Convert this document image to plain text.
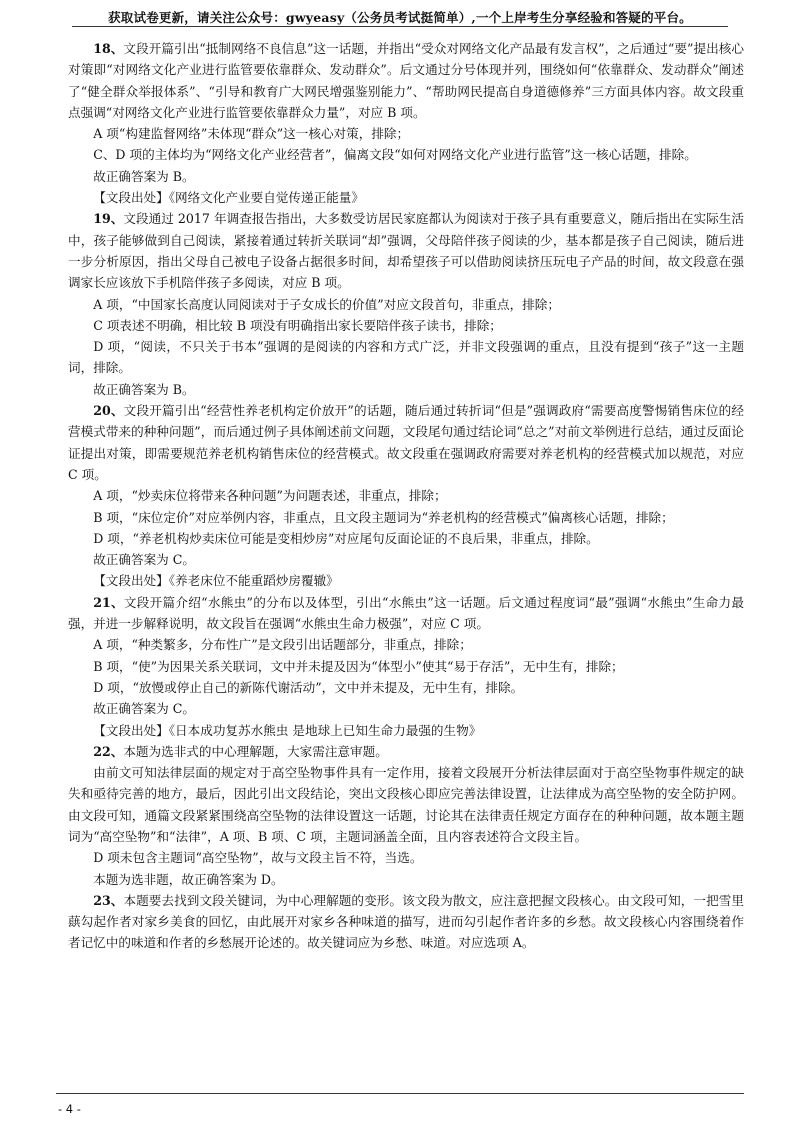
获取试卷更新，请关注公众号：gwyeasy（公务员考试挺简单）,一个上岸考生分享经验和答疑的平台。

18、文段开篇引出“抵制网络不良信息”这一话题，并指出“受众对网络文化产品最有发言权”，之后通过“要”提出核心对策即“对网络文化产业进行监管要依靠群众、发动群众”。后文通过分号体现并列，围绕如何“依靠群众、发动群众”阐述了“健全群众举报体系”、“引导和教育广大网民增强鉴别能力”、“帮助网民提高自身道德修养”三方面具体内容。故文段重点强调“对网络文化产业进行监管要依靠群众力量”，对应 B 项。

A 项“构建监督网络”未体现“群众”这一核心对策，排除；

C、D 项的主体均为“网络文化产业经营者”，偏离文段“如何对网络文化产业进行监管”这一核心话题，排除。

故正确答案为 B。

【文段出处】《网络文化产业要自觉传递正能量》

19、文段通过 2017 年调查报告指出，大多数受访居民家庭都认为阅读对于孩子具有重要意义，随后指出在实际生活中，孩子能够做到自己阅读，紧接着通过转折关联词“却”强调，父母陪伴孩子阅读的少，基本都是孩子自己阅读，随后进一步分析原因，指出父母自己被电子设备占据很多时间，却希望孩子可以借助阅读挤压玩电子产品的时间，故文段意在强调家长应该放下手机陪伴孩子多阅读，对应 B 项。

A 项，“中国家长高度认同阅读对于子女成长的价值”对应文段首句，非重点，排除；

C 项表述不明确，相比较 B 项没有明确指出家长要陪伴孩子读书，排除；

D 项，“阅读，不只关于书本”强调的是阅读的内容和方式广泛，并非文段强调的重点，且没有提到“孩子”这一主题词，排除。

故正确答案为 B。

20、文段开篇引出“经营性养老机构定价放开”的话题，随后通过转折词“但是”强调政府“需要高度警惕销售床位的经营模式带来的种种问题”，而后通过例子具体阐述前文问题，文段尾句通过结论词“总之”对前文举例进行总结，通过反面论证提出对策，即需要规范养老机构销售床位的经营模式。故文段重在强调政府需要对养老机构的经营模式加以规范，对应 C 项。

A 项，“炒卖床位将带来各种问题”为问题表述，非重点，排除；

B 项，“床位定价”对应举例内容，非重点，且文段主题词为“养老机构的经营模式”偏离核心话题，排除；

D 项，“养老机构炒卖床位可能是变相炒房”对应尾句反面论证的不良后果，非重点，排除。

故正确答案为 C。

【文段出处】《养老床位不能重蹈炒房覆辙》

21、文段开篇介绍“水熊虫”的分布以及体型，引出“水熊虫”这一话题。后文通过程度词“最”强调“水熊虫”生命力最强，并进一步解释说明，故文段旨在强调“水熊虫生命力极强”，对应 C 项。

A 项，“种类繁多，分布性广”是文段引出话题部分，非重点，排除；

B 项，“使”为因果关系关联词，文中并未提及因为“体型小”使其“易于存活”，无中生有，排除；

D 项，“放慢或停止自己的新陈代谢活动”，文中并未提及，无中生有，排除。

故正确答案为 C。

【文段出处】《日本成功复苏水熊虫 是地球上已知生命力最强的生物》

22、本题为选非式的中心理解题，大家需注意审题。

由前文可知法律层面的规定对于高空坠物事件具有一定作用，接着文段展开分析法律层面对于高空坠物事件规定的缺失和亟待完善的地方，最后，因此引出文段结论，突出文段核心即应完善法律设置，让法律成为高空坠物的安全防护网。由文段可知，通篇文段紧紧围绕高空坠物的法律设置这一话题，讨论其在法律责任规定方面存在的种种问题，故本题主题词为“高空坠物”和“法律”，A 项、B 项、C 项，主题词涵盖全面，且内容表述符合文段主旨。

D 项未包含主题词“高空坠物”，故与文段主旨不符，当选。

本题为选非题，故正确答案为 D。

23、本题要去找到文段关键词，为中心理解题的变形。该文段为散文，应注意把握文段核心。由文段可知，一把雪里蕻勾起作者对家乡美食的回忆，由此展开对家乡各种味道的描写，进而勾引起作者许多的乡愁。故文段核心内容围绕着作者记忆中的味道和作者的乡愁展开论述的。故关键词应为乡愁、味道。对应选项 A。

- 4 -
